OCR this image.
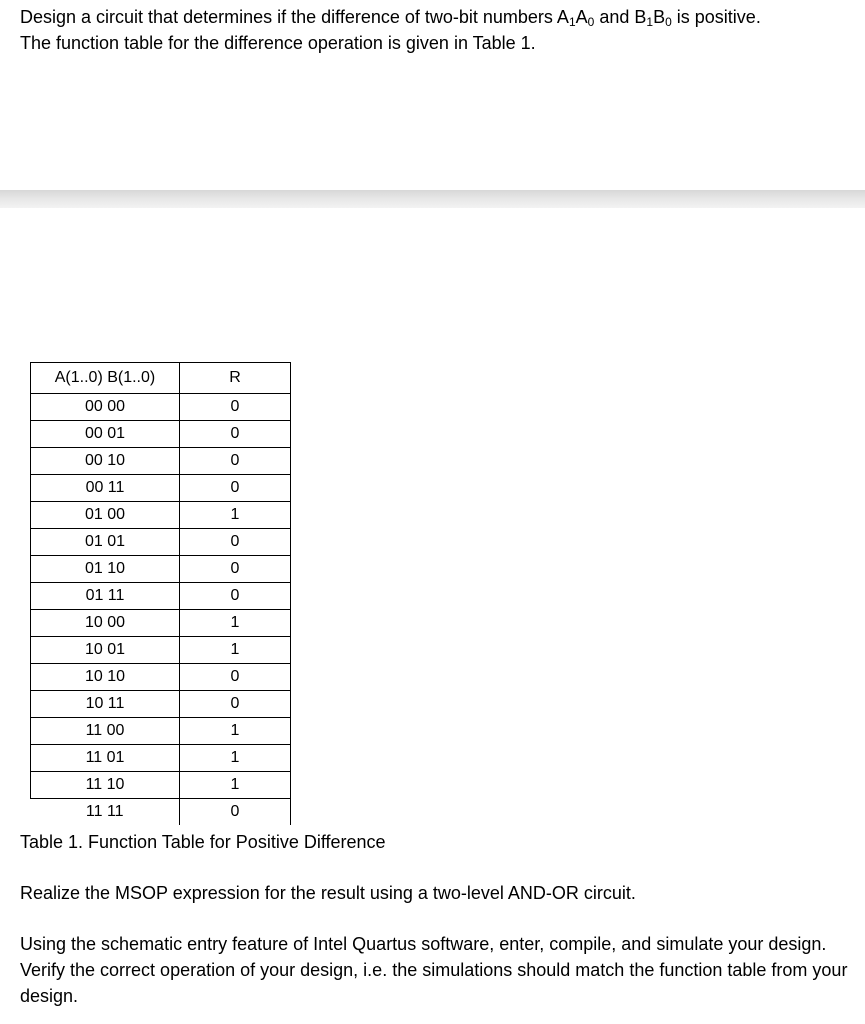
Design a circuit that determines if the difference of two-bit numbers $A_1A_0$ and $B_1B_0$ is positive.
The function table for the difference operation is given in Table 1.
A(1..0) B(1..0)	R
00 00	0
00 01	0
00 10	0
00 11	0
01 00	1
01 01	0
01 10	0
01 11	0
10 00	1
10 01	1
10 10	0
10 11	0
11 00	1
11 01	1
11 10	1
11 11	0
Table 1. Function Table for Positive Difference

Realize the MSOP expression for the result using a two-level AND-OR circuit.

Using the schematic entry feature of Intel Quartus software, enter, compile, and simulate your design. Verify the correct operation of your design, i.e. the simulations should match the function table from your design.
